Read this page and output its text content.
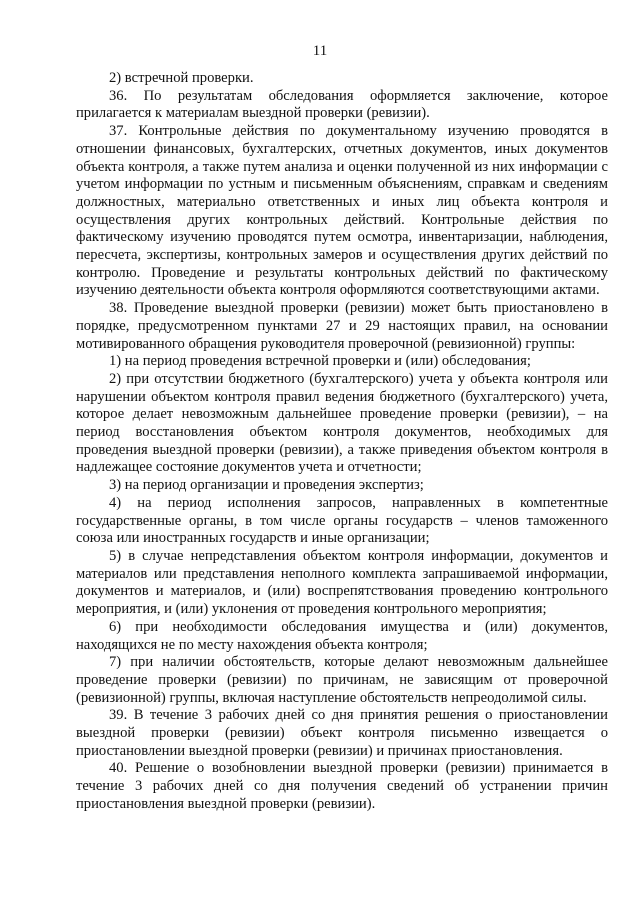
11

2) встречной проверки.

36. По результатам обследования оформляется заключение, которое прилагается к материалам выездной проверки (ревизии).

37. Контрольные действия по документальному изучению проводятся в отношении финансовых, бухгалтерских, отчетных документов, иных документов объекта контроля, а также путем анализа и оценки полученной из них информации с учетом информации по устным и письменным объяснениям, справкам и сведениям должностных, материально ответственных и иных лиц объекта контроля и осуществления других контрольных действий. Контрольные действия по фактическому изучению проводятся путем осмотра, инвентаризации, наблюдения, пересчета, экспертизы, контрольных замеров и осуществления других действий по контролю. Проведение и результаты контрольных действий по фактическому изучению деятельности объекта контроля оформляются соответствующими актами.

38. Проведение выездной проверки (ревизии) может быть приостановлено в порядке, предусмотренном пунктами 27 и 29 настоящих правил, на основании мотивированного обращения руководителя проверочной (ревизионной) группы:

1) на период проведения встречной проверки и (или) обследования;

2) при отсутствии бюджетного (бухгалтерского) учета у объекта контроля или нарушении объектом контроля правил ведения бюджетного (бухгалтерского) учета, которое делает невозможным дальнейшее проведение проверки (ревизии), – на период восстановления объектом контроля документов, необходимых для проведения выездной проверки (ревизии), а также приведения объектом контроля в надлежащее состояние документов учета и отчетности;

3) на период организации и проведения экспертиз;

4) на период исполнения запросов, направленных в компетентные государственные органы, в том числе органы государств – членов таможенного союза или иностранных государств и иные организации;

5) в случае непредставления объектом контроля информации, документов и материалов или представления неполного комплекта запрашиваемой информации, документов и материалов, и (или) воспрепятствования проведению контрольного мероприятия, и (или) уклонения от проведения контрольного мероприятия;

6) при необходимости обследования имущества и (или) документов, находящихся не по месту нахождения объекта контроля;

7) при наличии обстоятельств, которые делают невозможным дальнейшее проведение проверки (ревизии) по причинам, не зависящим от проверочной (ревизионной) группы, включая наступление обстоятельств непреодолимой силы.

39. В течение 3 рабочих дней со дня принятия решения о приостановлении выездной проверки (ревизии) объект контроля письменно извещается о приостановлении выездной проверки (ревизии) и причинах приостановления.

40. Решение о возобновлении выездной проверки (ревизии) принимается в течение 3 рабочих дней со дня получения сведений об устранении причин приостановления выездной проверки (ревизии).
